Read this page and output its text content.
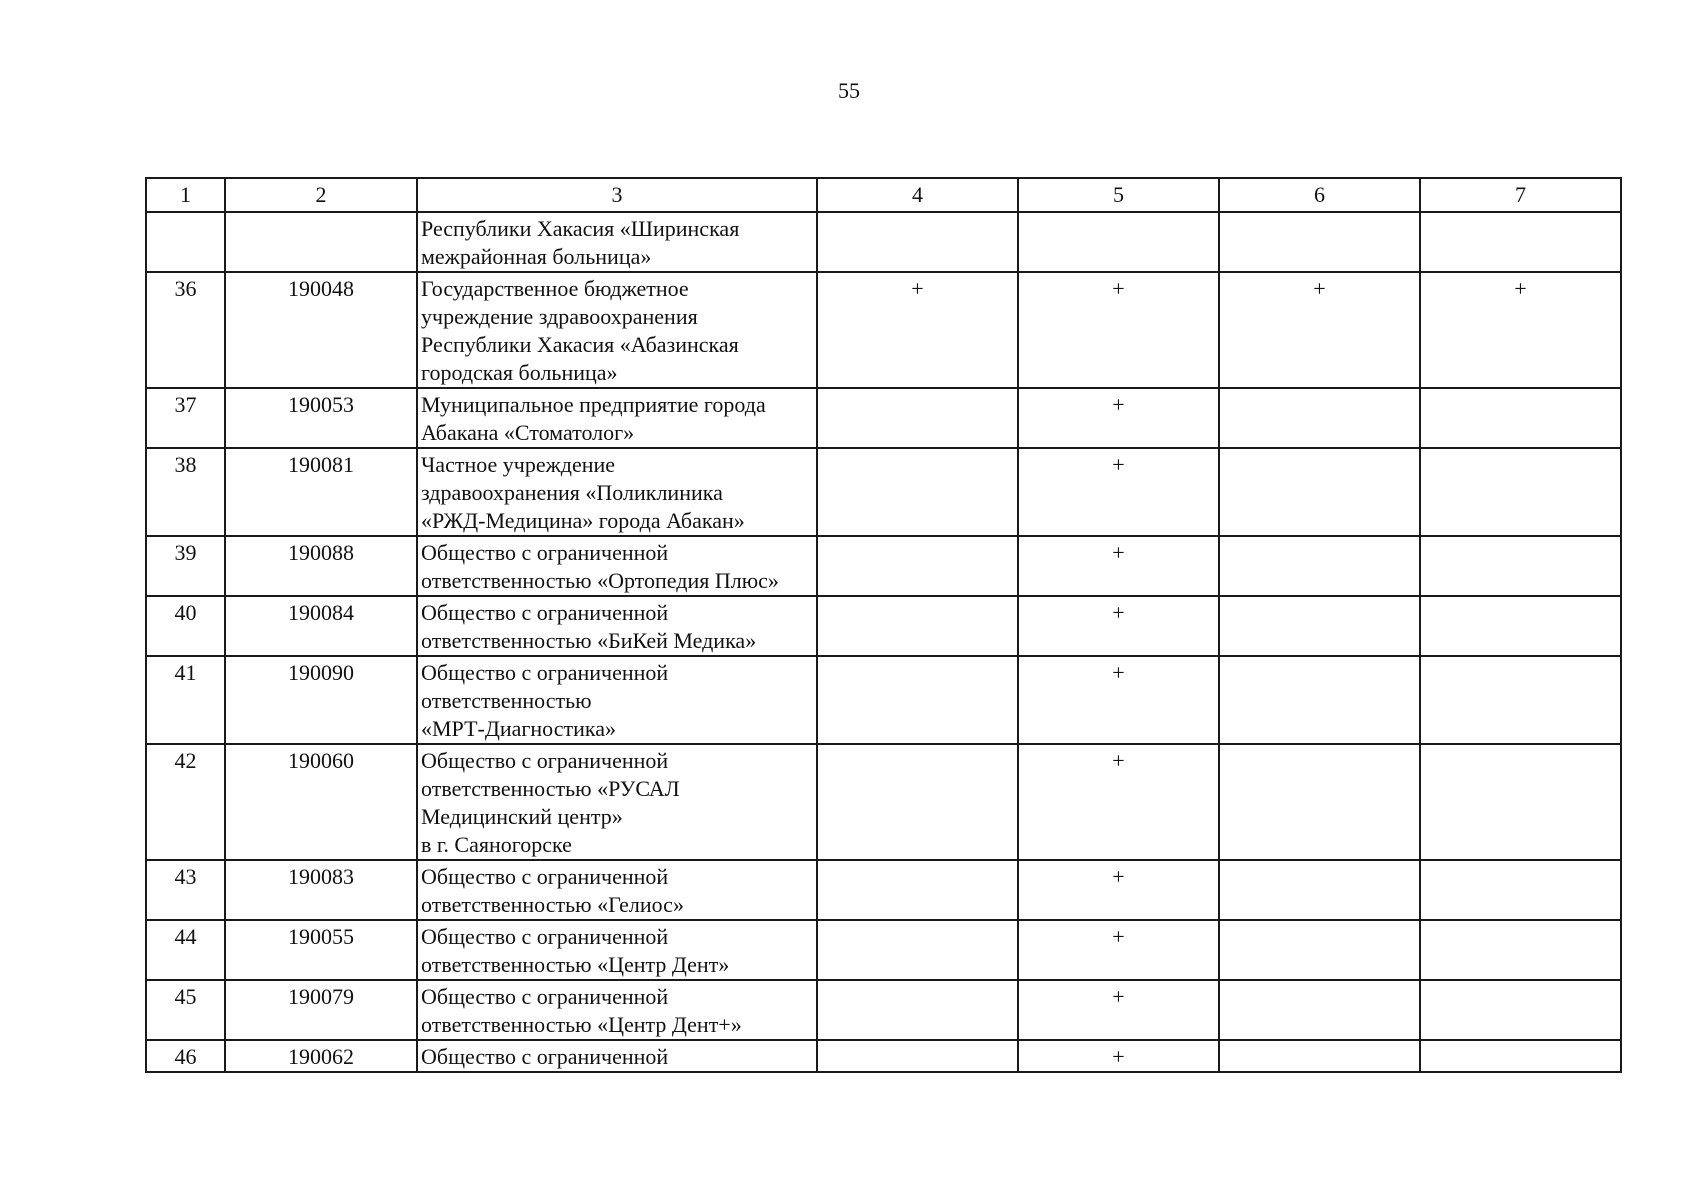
55
1	2	3	4	5	6	7
		Республики Хакасия «Ширинская
межрайонная больница»				
36	190048	Государственное бюджетное
учреждение здравоохранения
Республики Хакасия «Абазинская
городская больница»	+	+	+	+
37	190053	Муниципальное предприятие города
Абакана «Стоматолог»		+		
38	190081	Частное учреждение
здравоохранения «Поликлиника
«РЖД-Медицина» города Абакан»		+		
39	190088	Общество с ограниченной
ответственностью «Ортопедия Плюс»		+		
40	190084	Общество с ограниченной
ответственностью «БиКей Медика»		+		
41	190090	Общество с ограниченной
ответственностью
«МРТ-Диагностика»		+		
42	190060	Общество с ограниченной
ответственностью «РУСАЛ
Медицинский центр»
в г. Саяногорске		+		
43	190083	Общество с ограниченной
ответственностью «Гелиос»		+		
44	190055	Общество с ограниченной
ответственностью «Центр Дент»		+		
45	190079	Общество с ограниченной
ответственностью «Центр Дент+»		+		
46	190062	Общество с ограниченной		+		
